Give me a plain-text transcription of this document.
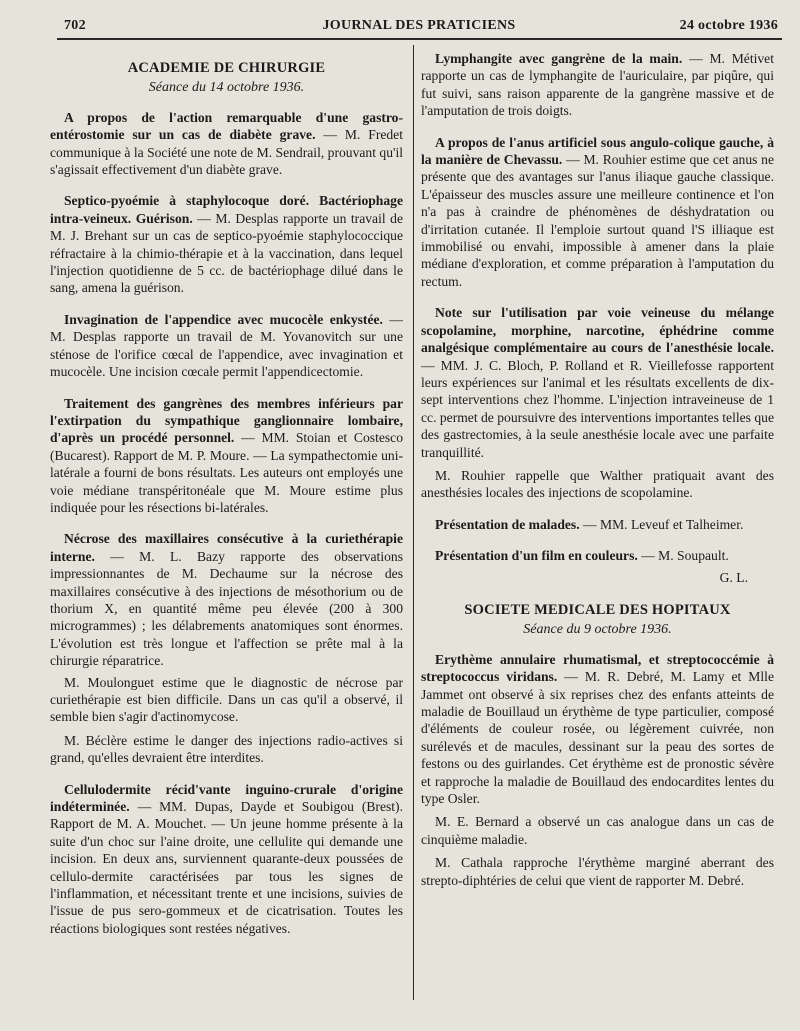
702	JOURNAL DES PRATICIENS	24 octobre 1936
ACADEMIE DE CHIRURGIE
Séance du 14 octobre 1936.

A propos de l'action remarquable d'une gastro-entérostomie sur un cas de diabète grave. — M. Fredet communique à la Société une note de M. Sendrail, prouvant qu'il s'agissait effectivement d'un diabète grave.

Septico-pyoémie à staphylocoque doré. Bactériophage intra-veineux. Guérison. — M. Desplas rapporte un travail de M. J. Brehant sur un cas de septico-pyoémie staphylococcique réfractaire à la chimio-thérapie et à la vaccination, dans lequel l'injection quotidienne de 5 cc. de bactériophage dilué dans le sang, amena la guérison.

Invagination de l'appendice avec mucocèle enkystée. — M. Desplas rapporte un travail de M. Yovanovitch sur une sténose de l'orifice cœcal de l'appendice, avec invagination et mucocèle. Une incision cœcale permit l'appendicectomie.

Traitement des gangrènes des membres inférieurs par l'extirpation du sympathique ganglionnaire lombaire, d'après un procédé personnel. — MM. Stoian et Costesco (Bucarest). Rapport de M. P. Moure. — La sympathectomie uni-latérale a fourni de bons résultats. Les auteurs ont employés une voie médiane transpéritonéale que M. Moure estime plus indiquée pour les résections bi-latérales.

Nécrose des maxillaires consécutive à la curiethérapie interne. — M. L. Bazy rapporte des observations impressionnantes de M. Dechaume sur la nécrose des maxillaires consécutive à des injections de mésothorium ou de thorium X, en quantité même peu élevée (200 à 300 microgrammes) ; les délabrements anatomiques sont énormes. L'évolution est très longue et l'affection se prête mal à la chirurgie réparatrice.

M. Moulonguet estime que le diagnostic de nécrose par curiethérapie est bien difficile. Dans un cas qu'il a observé, il semble bien s'agir d'actinomycose.

M. Béclère estime le danger des injections radio-actives si grand, qu'elles devraient être interdites.

Cellulodermite récid'vante inguino-crurale d'origine indéterminée. — MM. Dupas, Dayde et Soubigou (Brest). Rapport de M. A. Mouchet. — Un jeune homme présente à la suite d'un choc sur l'aine droite, une cellulite qui demande une incision. En deux ans, surviennent quarante-deux poussées de cellulo-dermite caractérisées par tous les signes de l'inflammation, et nécessitant trente et une incisions, suivies de l'issue de pus sero-gommeux et de cicatrisation. Toutes les réactions biologiques sont restées négatives.

Lymphangite avec gangrène de la main. — M. Métivet rapporte un cas de lymphangite de l'auriculaire, par piqûre, qui fut suivi, sans raison apparente de la gangrène massive et de l'amputation de trois doigts.

A propos de l'anus artificiel sous angulo-colique gauche, à la manière de Chevassu. — M. Rouhier estime que cet anus ne présente que des avantages sur l'anus iliaque gauche classique. L'épaisseur des muscles assure une meilleure continence et l'on n'a pas à craindre de phénomènes de déshydratation ou d'irritation cutanée. Il l'emploie surtout quand l'S illiaque est immobilisé ou envahi, impossible à amener dans la plaie médiane d'exploration, et comme préparation à l'amputation du rectum.

Note sur l'utilisation par voie veineuse du mélange scopolamine, morphine, narcotine, éphédrine comme analgésique complémentaire au cours de l'anesthésie locale. — MM. J. C. Bloch, P. Rolland et R. Vieillefosse rapportent leurs expériences sur l'animal et les résultats excellents de dix-sept interventions chez l'homme. L'injection intraveineuse de 1 cc. permet de poursuivre des interventions importantes telles que des gastrectomies, à la seule anesthésie locale avec une parfaite tranquillité.

M. Rouhier rappelle que Walther pratiquait avant des anesthésies locales des injections de scopolamine.

Présentation de malades. — MM. Leveuf et Talheimer.

Présentation d'un film en couleurs. — M. Soupault.

G. L.
SOCIETE MEDICALE DES HOPITAUX
Séance du 9 octobre 1936.

Erythème annulaire rhumatismal, et streptococcémie à streptococcus viridans. — M. R. Debré, M. Lamy et Mlle Jammet ont observé à six reprises chez des enfants atteints de maladie de Bouillaud un érythème de type particulier, composé d'éléments de couleur rosée, ou légèrement cuivrée, non surélevés et de macules, dessinant sur la peau des sortes de festons ou des guirlandes. Cet érythème est de pronostic sévère et rapproche la maladie de Bouillaud des endocardites lentes du type Osler.

M. E. Bernard a observé un cas analogue dans un cas de cinquième maladie.

M. Cathala rapproche l'érythème marginé aberrant des strepto-diphtéries de celui que vient de rapporter M. Debré.
